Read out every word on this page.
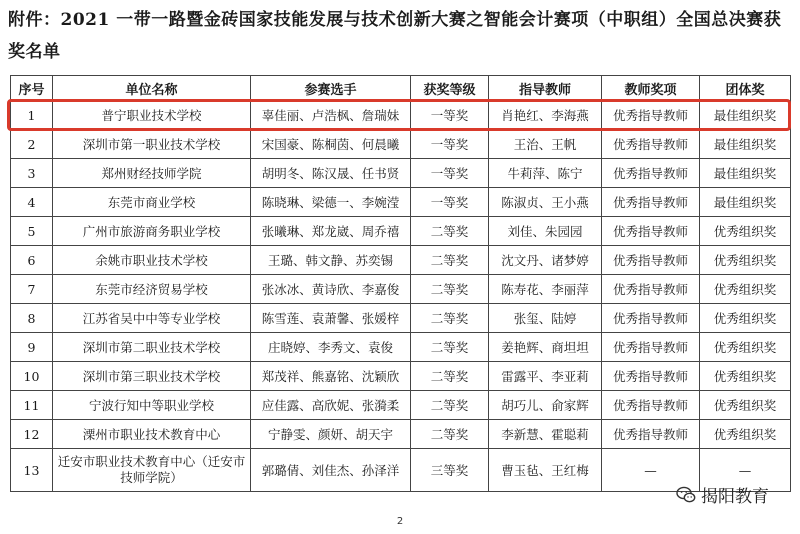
附件：2021 一带一路暨金砖国家技能发展与技术创新大赛之智能会计赛项（中职组）全国总决赛获奖名单
序号	单位名称	参赛选手	获奖等级	指导教师	教师奖项	团体奖
1	普宁职业技术学校	辜佳丽、卢浩枫、詹瑞妹	一等奖	肖艳红、李海燕	优秀指导教师	最佳组织奖
2	深圳市第一职业技术学校	宋国豪、陈桐茵、何晨曦	一等奖	王治、王帆	优秀指导教师	最佳组织奖
3	郑州财经技师学院	胡明冬、陈汉晟、任书贤	一等奖	牛莉萍、陈宁	优秀指导教师	最佳组织奖
4	东莞市商业学校	陈晓琳、梁德一、李婉滢	一等奖	陈淑贞、王小燕	优秀指导教师	最佳组织奖
5	广州市旅游商务职业学校	张曦琳、郑龙崴、周乔禧	二等奖	刘佳、朱园园	优秀指导教师	优秀组织奖
6	余姚市职业技术学校	王璐、韩文静、苏奕锡	二等奖	沈文丹、诸梦婷	优秀指导教师	优秀组织奖
7	东莞市经济贸易学校	张冰冰、黄诗欣、李嘉俊	二等奖	陈寿花、李丽萍	优秀指导教师	优秀组织奖
8	江苏省吴中中等专业学校	陈雪莲、袁萧馨、张媛梓	二等奖	张玺、陆婷	优秀指导教师	优秀组织奖
9	深圳市第二职业技术学校	庄晓婷、李秀文、袁俊	二等奖	姜艳辉、商坦坦	优秀指导教师	优秀组织奖
10	深圳市第三职业技术学校	郑茂祥、熊嘉铭、沈颖欣	二等奖	雷露平、李亚莉	优秀指导教师	优秀组织奖
11	宁波行知中等职业学校	应佳露、高欣妮、张漪柔	二等奖	胡巧儿、俞家辉	优秀指导教师	优秀组织奖
12	溧州市职业技术教育中心	宁静雯、颜妍、胡天宇	二等奖	李新慧、霍聪莉	优秀指导教师	优秀组织奖
13	迁安市职业技术教育中心（迁安市技师学院）	郭璐倩、刘佳杰、孙泽洋	三等奖	曹玉毡、王红梅	—	—
揭阳教育
2
